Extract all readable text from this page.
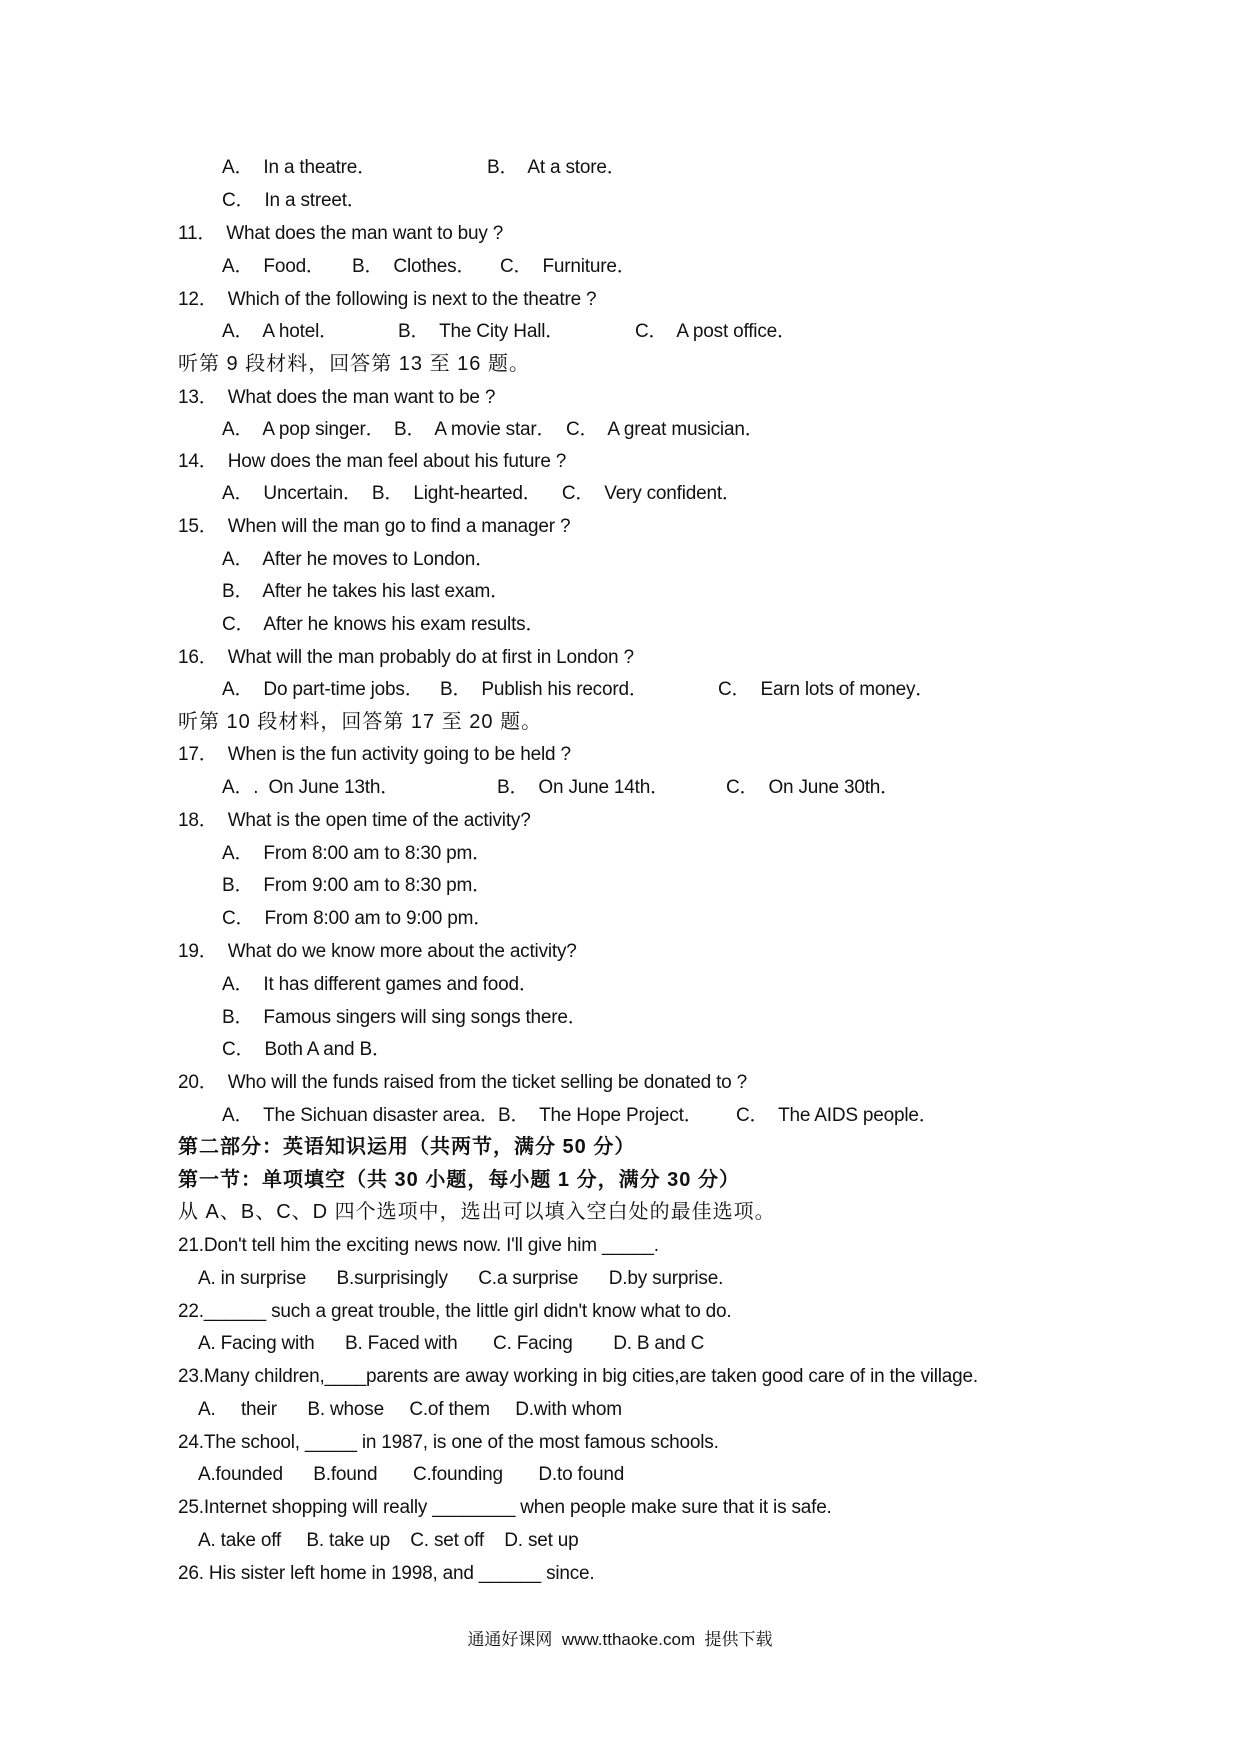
A．  In a theatre．	B．  At a store．
C．  In a street．
11．  What does the man want to buy ?
A．  Food． B．  Clothes． C．  Furniture．
12．  Which of the following is next to the theatre ?
A．  A hotel．	B．  The City Hall．	C．  A post office．
听第 9 段材料，回答第 13 至 16 题。
13．  What does the man want to be ?
A．  A pop singer． B．  A movie star． C．  A great musician．
14．  How does the man feel about his future ?
A．  Uncertain．  B．  Light-hearted．    C．  Very confident．
15．  When will the man go to find a manager ?
A．  After he moves to London．
B．  After he takes his last exam．
C．  After he knows his exam results．
16．  What will the man probably do at first in London ?
A．  Do part-time jobs． B．  Publish his record．	C．  Earn lots of money．
听第 10 段材料，回答第 17 至 20 题。
17．  When is the fun activity going to be held ?
A．.  On June 13th．	B．  On June 14th．	C．  On June 30th．
18．  What is the open time of the activity?
A．  From 8:00 am to 8:30 pm．
B．  From 9:00 am to 8:30 pm．
C．  From 8:00 am to 9:00 pm．
19．  What do we know more about the activity?
A．  It has different games and food．
B．  Famous singers will sing songs there．
C．  Both A and B．
20．  Who will the funds raised from the ticket selling be donated to ?
A．  The Sichuan disaster area． B．  The Hope Project． C．  The AIDS people．
第二部分：英语知识运用（共两节，满分 50 分）
第一节：单项填空（共 30 小题，每小题 1 分，满分 30 分）
从 A、B、C、D 四个选项中，选出可以填入空白处的最佳选项。
21.Don't tell him the exciting news now. I'll give him _____.
A. in surprise      B.surprisingly      C.a surprise      D.by surprise.
22.______ such a great trouble, the little girl didn't know what to do.
A. Facing with      B. Faced with       C. Facing        D. B and C
23.Many children,____parents are away working in big cities,are taken good care of in the village.
A.     their      B. whose     C.of them     D.with whom
24.The school, _____ in 1987, is one of the most famous schools.
A.founded      B.found       C.founding       D.to found
25.Internet shopping will really ________ when people make sure that it is safe.
A. take off     B. take up    C. set off    D. set up
26. His sister left home in 1998, and ______ since.
通通好课网  www.tthaoke.com  提供下载
